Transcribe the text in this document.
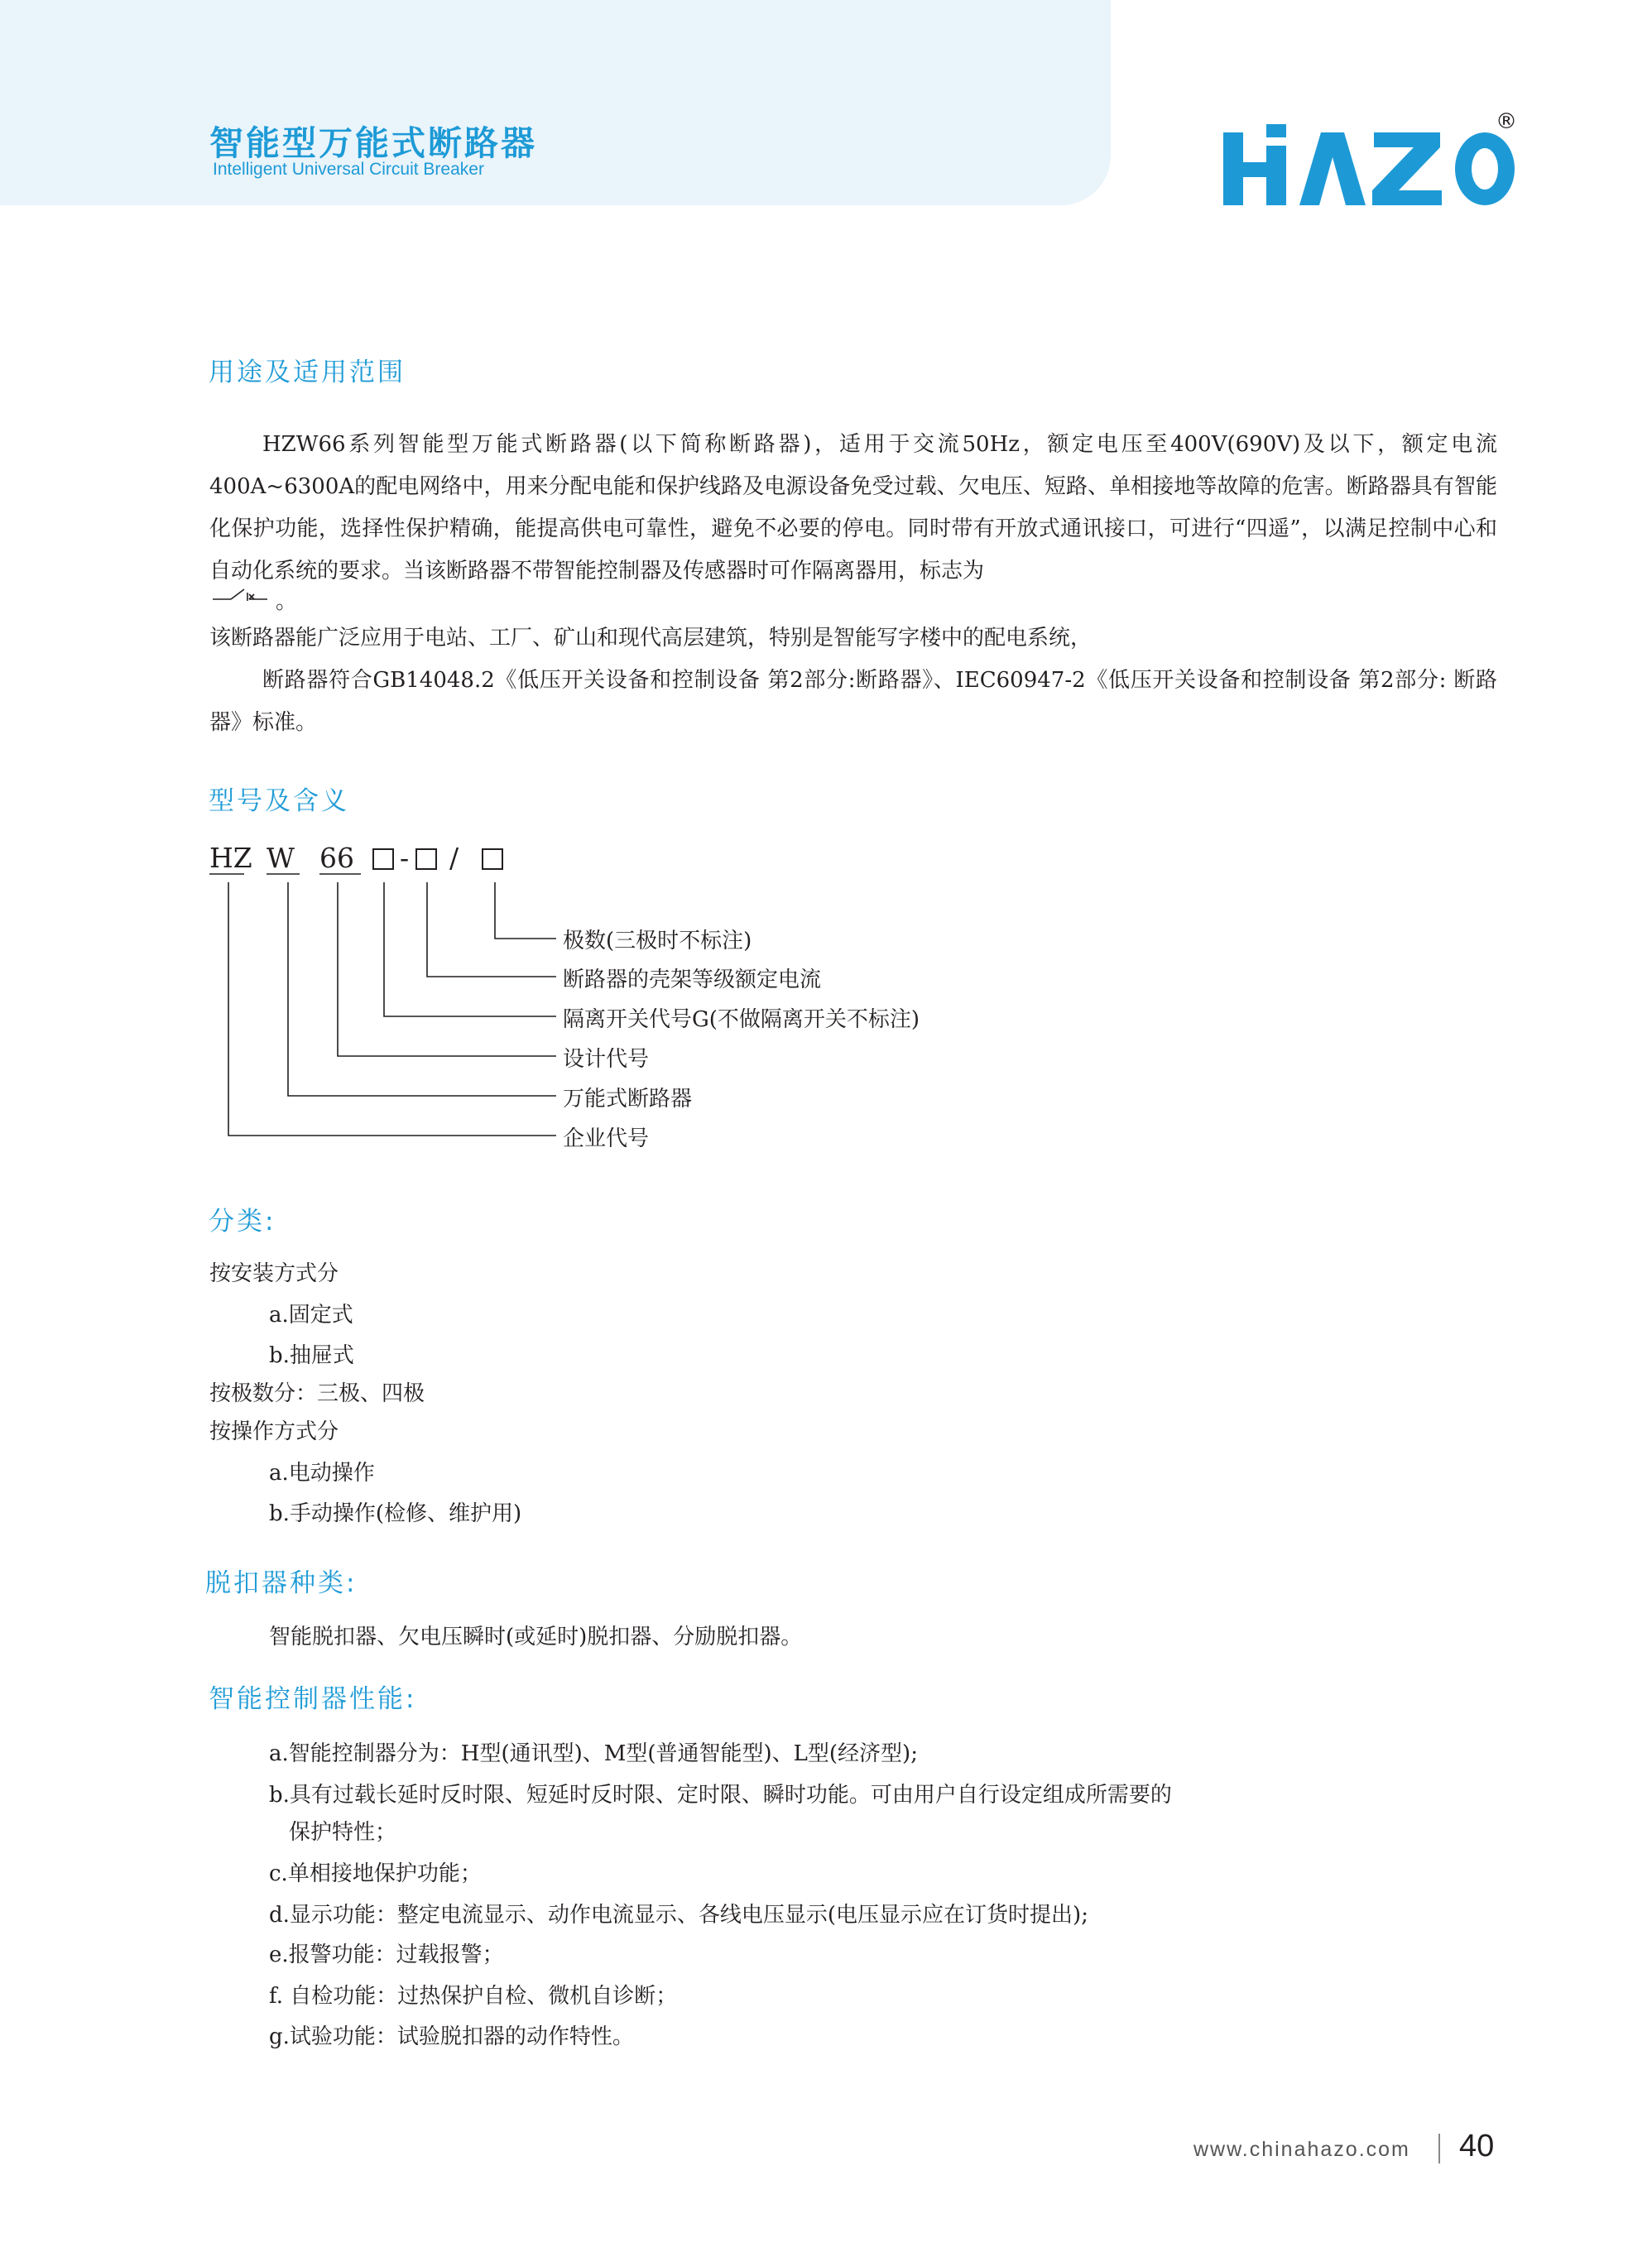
智能型万能式断路器
Intelligent Universal Circuit Breaker
®
用途及适用范围
HZW66系列智能型万能式断路器(以下简称断路器)，适用于交流50Hz，额定电压至400V(690V)及以下，额定电流400A~6300A的配电网络中，用来分配电能和保护线路及电源设备免受过载、欠电压、短路、单相接地等故障的危害。断路器具有智能化保护功能，选择性保护精确，能提高供电可靠性，避免不必要的停电。同时带有开放式通讯接口，可进行“四遥”，以满足控制中心和自动化系统的要求。当该断路器不带智能控制器及传感器时可作隔离器用，标志为
。
该断路器能广泛应用于电站、工厂、矿山和现代高层建筑，特别是智能写字楼中的配电系统，
断路器符合GB14048.2《低压开关设备和控制设备 第2部分:断路器》、IEC60947-2《低压开关设备和控制设备 第2部分: 断路器》标准。
型号及含义
HZ W 66 - /
极数(三极时不标注)
断路器的壳架等级额定电流
隔离开关代号G(不做隔离开关不标注)
设计代号
万能式断路器
企业代号
分类:
按安装方式分
a.固定式
b.抽屉式
按极数分：三极、四极
按操作方式分
a.电动操作
b.手动操作(检修、维护用)
脱扣器种类:
智能脱扣器、欠电压瞬时(或延时)脱扣器、分励脱扣器。
智能控制器性能:
a.智能控制器分为：H型(通讯型)、M型(普通智能型)、L型(经济型);
b.具有过载长延时反时限、短延时反时限、定时限、瞬时功能。可由用户自行设定组成所需要的
保护特性；
c.单相接地保护功能；
d.显示功能：整定电流显示、动作电流显示、各线电压显示(电压显示应在订货时提出);
e.报警功能：过载报警；
f. 自检功能：过热保护自检、微机自诊断；
g.试验功能：试验脱扣器的动作特性。
www.chinahazo.com 40
